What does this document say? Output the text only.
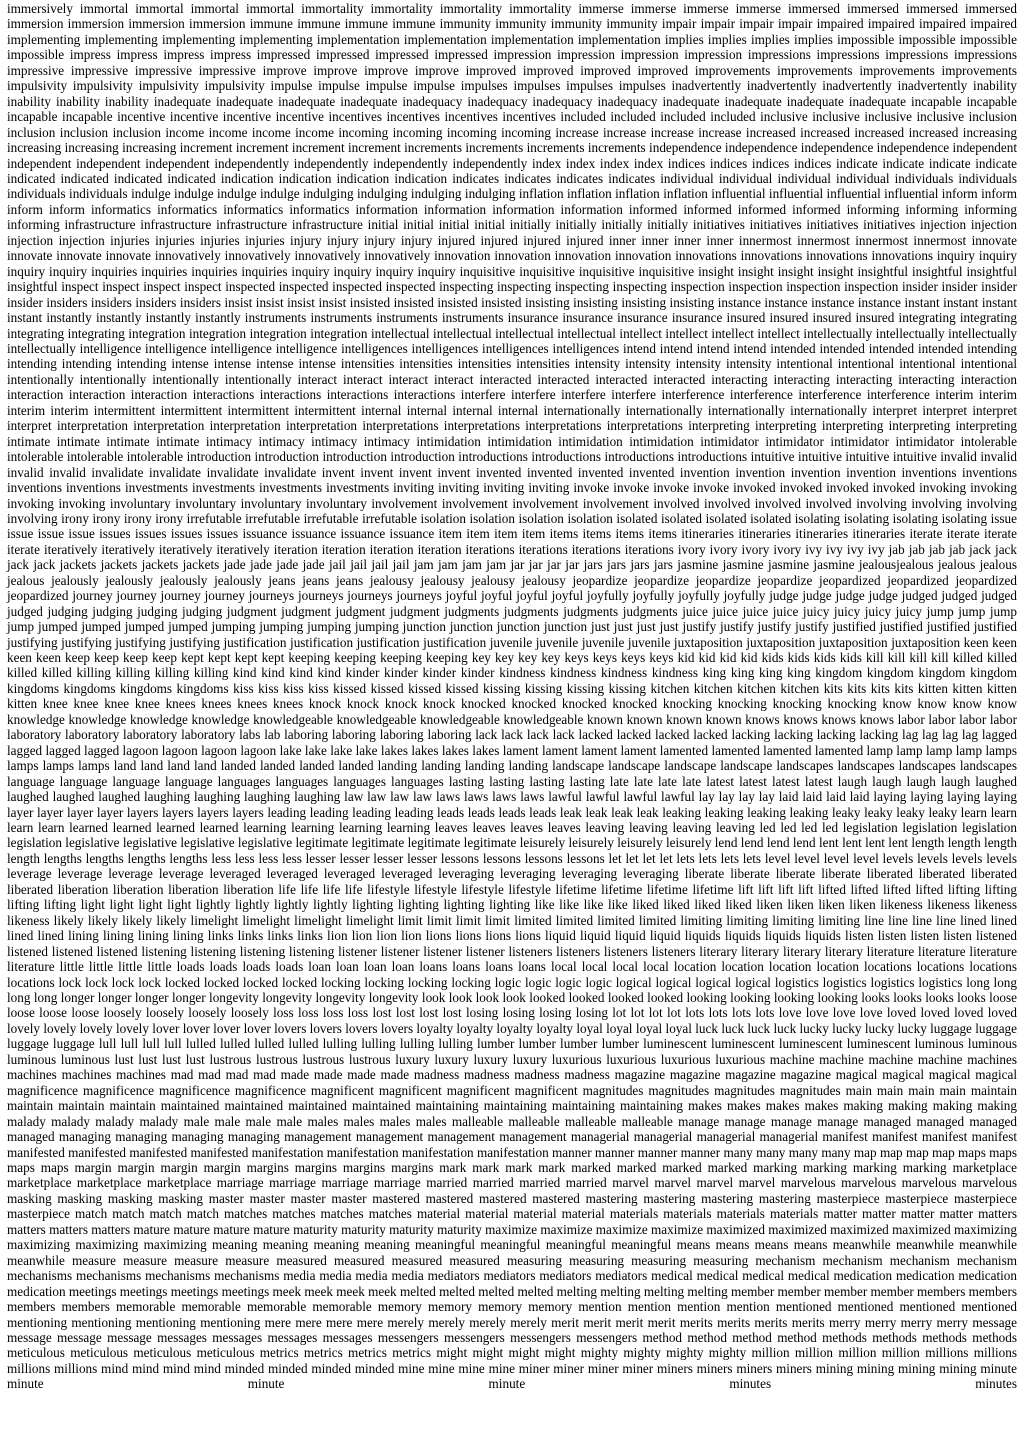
immersively immortal immortal immortal immortal immortality immortality immortality immortality immerse immerse immerse immerse immersed immersed immersed immersed immersion immersion immersion immersion immune immune immune immune immunity immunity immunity immunity impair impair impair impair impaired impaired impaired impaired implementing implementing implementing implementing implementation implementation implementation implementation implies implies implies implies impossible impossible impossible impossible impress impress impress impress impressed impressed impressed impressed impression impression impression impression impressions impressions impressions impressions impressive impressive impressive impressive improve improve improve improve improved improved improved improved improvements improvements improvements improvements impulsivity impulsivity impulsivity impulsivity impulse impulse impulse impulse impulses impulses impulses impulses inadvertently inadvertently inadvertently inadvertently inability inability inability inability inadequate inadequate inadequate inadequate inadequacy inadequacy inadequacy inadequacy inadequate inadequate inadequate inadequate incapable incapable incapable incapable incentive incentive incentive incentive incentives incentives incentives incentives included included included included inclusive inclusive inclusive inclusive inclusion inclusion inclusion inclusion income income income income incoming incoming incoming incoming increase increase increase increase increased increased increased increased increasing increasing increasing increasing increment increment increment increment increments increments increments increments independence independence independence independence independent independent independent independent independently independently independently independently index index index index indices indices indices indices indicate indicate indicate indicate indicated indicated indicated indicated indication indication indication indication indicates indicates indicates indicates individual individual individual individual individuals individuals individuals individuals indulge indulge indulge indulge indulging indulging indulging indulging inflation inflation inflation inflation influential influential influential influential inform inform inform inform informatics informatics informatics informatics information information information information informed informed informed informed informing informing informing informing infrastructure infrastructure infrastructure infrastructure initial initial initial initial initially initially initially initially initiatives initiatives initiatives initiatives injection injection injection injection injuries injuries injuries injuries injury injury injury injury injured injured injured injured inner inner inner inner innermost innermost innermost innermost innovate innovate innovate innovate innovatively innovatively innovatively innovatively innovation innovation innovation innovation innovations innovations innovations innovations inquiry inquiry inquiry inquiry inquiries inquiries inquiries inquiries inquiry inquiry inquiry inquiry inquisitive inquisitive inquisitive inquisitive insight insight insight insight insightful insightful insightful insightful inspect inspect inspect inspect inspected inspected inspected inspected inspecting inspecting inspecting inspecting inspection inspection inspection inspection insider insider insider insider insiders insiders insiders insiders insist insist insist insist insisted insisted insisted insisted insisting insisting insisting insisting instance instance instance instance instant instant instant instant instantly instantly instantly instantly instruments instruments instruments instruments insurance insurance insurance insurance insured insured insured insured integrating integrating integrating integrating integration integration integration integration intellectual intellectual intellectual intellectual intellect intellect intellect intellect intellectually intellectually intellectually intellectually intelligence intelligence intelligence intelligence intelligences intelligences intelligences intelligences intend intend intend intend intended intended intended intended intending intending intending intending intense intense intense intense intensities intensities intensities intensities intensity intensity intensity intensity intentional intentional intentional intentional intentionally intentionally intentionally intentionally interact interact interact interact interacted interacted interacted interacted interacting interacting interacting interacting interaction interaction interaction interaction interactions interactions interactions interactions interfere interfere interfere interfere interference interference interference interference interim interim interim interim intermittent intermittent intermittent intermittent internal internal internal internal internationally internationally internationally internationally interpret interpret interpret interpret interpretation interpretation interpretation interpretation interpretations interpretations interpretations interpretations interpreting interpreting interpreting interpreting interpreting intimate intimate intimate intimate intimacy intimacy intimacy intimacy intimidation intimidation intimidation intimidation intimidator intimidator intimidator intimidator intolerable intolerable intolerable intolerable introduction introduction introduction introduction introductions introductions introductions introductions intuitive intuitive intuitive intuitive invalid invalid invalid invalid invalidate invalidate invalidate invalidate invent invent invent invent invented invented invented invented invention invention invention invention inventions inventions inventions inventions investments investments investments investments inviting inviting inviting inviting invoke invoke invoke invoke invoked invoked invoked invoked invoking invoking invoking invoking involuntary involuntary involuntary involuntary involvement involvement involvement involvement involved involved involved involved involving involving involving involving irony irony irony irony irrefutable irrefutable irrefutable irrefutable isolation isolation isolation isolation isolated isolated isolated isolated isolating isolating isolating isolating issue issue issue issue issues issues issues issues issuance issuance issuance issuance item item item item items items items items itineraries itineraries itineraries itineraries iterate iterate iterate iterate iteratively iteratively iteratively iteratively iteration iteration iteration iteration iterations iterations iterations iterations ivory ivory ivory ivory ivy ivy ivy ivy jab jab jab jab jack jack jack jack jackets jackets jackets jackets jade jade jade jade jail jail jail jail jam jam jam jam jar jar jar jar jars jars jars jars jasmine jasmine jasmine jasmine jealousjealous jealous jealous jealous jealously jealously jealously jealously jeans jeans jeans jealousy jealousy jealousy jealousy jeopardize jeopardize jeopardize jeopardize jeopardized jeopardized jeopardized jeopardized journey journey journey journey journeys journeys journeys journeys joyful joyful joyful joyful joyfully joyfully joyfully joyfully judge judge judge judge judged judged judged judged judging judging judging judging judgment judgment judgment judgment judgments judgments judgments judgments juice juice juice juice juicy juicy juicy juicy jump jump jump jump jumped jumped jumped jumped jumping jumping jumping jumping junction junction junction junction just just just just justify justify justify justify justified justified justified justified justifying justifying justifying justifying justification justification justification justification juvenile juvenile juvenile juvenile juxtaposition juxtaposition juxtaposition juxtaposition keen keen keen keen keep keep keep keep kept kept kept kept keeping keeping keeping keeping key key key key keys keys keys keys kid kid kid kid kids kids kids kids kill kill kill kill killed killed killed killed killing killing killing killing kind kind kind kind kinder kinder kinder kinder kindness kindness kindness kindness king king king king kingdom kingdom kingdom kingdom kingdoms kingdoms kingdoms kingdoms kiss kiss kiss kiss kissed kissed kissed kissed kissing kissing kissing kissing kitchen kitchen kitchen kitchen kits kits kits kits kitten kitten kitten kitten knee knee knee knee knees knees knees knees knock knock knock knock knocked knocked knocked knocked knocking knocking knocking knocking know know know know knowledge knowledge knowledge knowledge knowledgeable knowledgeable knowledgeable knowledgeable known known known known knows knows knows knows labor labor labor labor laboratory laboratory laboratory laboratory labs lab laboring laboring laboring laboring lack lack lack lack lacked lacked lacked lacked lacking lacking lacking lacking lag lag lag lag lagged lagged lagged lagged lagoon lagoon lagoon lagoon lake lake lake lake lakes lakes lakes lakes lament lament lament lament lamented lamented lamented lamented lamp lamp lamp lamp lamps lamps lamps lamps land land land land landed landed landed landed landing landing landing landing landscape landscape landscape landscape landscapes landscapes landscapes landscapes language language language language languages languages languages languages lasting lasting lasting lasting late late late late latest latest latest latest laugh laugh laugh laugh laughed laughed laughed laughed laughing laughing laughing laughing law law law law laws laws laws laws lawful lawful lawful lawful lay lay lay lay laid laid laid laid laying laying laying laying layer layer layer layer layers layers layers layers leading leading leading leading leads leads leads leads leak leak leak leak leaking leaking leaking leaking leaky leaky leaky leaky learn learn learn learn learned learned learned learned learning learning learning learning leaves leaves leaves leaves leaving leaving leaving leaving led led led led legislation legislation legislation legislation legislative legislative legislative legislative legitimate legitimate legitimate legitimate leisurely leisurely leisurely leisurely lend lend lend lend lent lent lent lent length length length length lengths lengths lengths lengths less less less less lesser lesser lesser lesser lessons lessons lessons lessons let let let let lets lets lets lets level level level level levels levels levels levels leverage leverage leverage leverage leveraged leveraged leveraged leveraged leveraging leveraging leveraging leveraging liberate liberate liberate liberate liberated liberated liberated liberated liberation liberation liberation liberation life life life life lifestyle lifestyle lifestyle lifestyle lifetime lifetime lifetime lifetime lift lift lift lift lifted lifted lifted lifted lifting lifting lifting lifting light light light light lightly lightly lightly lightly lighting lighting lighting lighting like like like like liked liked liked liked liken liken liken liken likeness likeness likeness likeness likely likely likely likely limelight limelight limelight limelight limit limit limit limit limited limited limited limited limiting limiting limiting limiting line line line line lined lined lined lined lining lining lining lining links links links links lion lion lion lion lions lions lions lions liquid liquid liquid liquid liquids liquids liquids liquids listen listen listen listen listened listened listened listened listening listening listening listening listener listener listener listener listeners listeners listeners listeners literary literary literary literary literature literature literature literature little little little little loads loads loads loads loan loan loan loan loans loans loans loans local local local local location location location location locations locations locations locations lock lock lock lock locked locked locked locked locking locking locking locking logic logic logic logic logical logical logical logical logistics logistics logistics logistics long long long long longer longer longer longer longevity longevity longevity longevity look look look look looked looked looked looked looking looking looking looking looks looks looks looks loose loose loose loose loosely loosely loosely loosely loss loss loss loss lost lost lost lost losing losing losing losing lot lot lot lot lots lots lots lots love love love love loved loved loved loved lovely lovely lovely lovely lover lover lover lover lovers lovers lovers lovers loyalty loyalty loyalty loyalty loyal loyal loyal loyal luck luck luck luck lucky lucky lucky lucky luggage luggage luggage luggage lull lull lull lull lulled lulled lulled lulled lulling lulling lulling lulling lumber lumber lumber lumber luminescent luminescent luminescent luminescent luminous luminous luminous luminous lust lust lust lust lustrous lustrous lustrous lustrous luxury luxury luxury luxury luxurious luxurious luxurious luxurious machine machine machine machine machines machines machines machines mad mad mad mad made made made made madness madness madness madness magazine magazine magazine magazine magical magical magical magical magnificence magnificence magnificence magnificence magnificent magnificent magnificent magnificent magnitudes magnitudes magnitudes magnitudes main main main main maintain maintain maintain maintain maintained maintained maintained maintained maintaining maintaining maintaining maintaining makes makes makes makes making making making making malady malady malady malady male male male male males males males males malleable malleable malleable malleable manage manage manage manage managed managed managed managed managing managing managing managing management management management management managerial managerial managerial managerial manifest manifest manifest manifest manifested manifested manifested manifested manifestation manifestation manifestation manifestation manner manner manner manner many many many many map map map map maps maps maps maps margin margin margin margin margins margins margins margins mark mark mark mark marked marked marked marked marking marking marking marking marketplace marketplace marketplace marketplace marriage marriage marriage marriage married married married married marvel marvel marvel marvel marvelous marvelous marvelous marvelous masking masking masking masking master master master master mastered mastered mastered mastered mastering mastering mastering mastering masterpiece masterpiece masterpiece masterpiece match match match match matches matches matches matches material material material material materials materials materials materials matter matter matter matter matters matters matters matters mature mature mature mature maturity maturity maturity maturity maximize maximize maximize maximize maximized maximized maximized maximized maximizing maximizing maximizing maximizing meaning meaning meaning meaning meaningful meaningful meaningful meaningful means means means means meanwhile meanwhile meanwhile meanwhile measure measure measure measure measured measured measured measured measuring measuring measuring measuring mechanism mechanism mechanism mechanism mechanisms mechanisms mechanisms mechanisms media media media media mediators mediators mediators mediators medical medical medical medical medication medication medication medication meetings meetings meetings meetings meek meek meek meek melted melted melted melted melting melting melting melting member member member member members members members members memorable memorable memorable memorable memory memory memory memory mention mention mention mention mentioned mentioned mentioned mentioned mentioning mentioning mentioning mentioning mere mere mere mere merely merely merely merely merit merit merit merit merits merits merits merits merry merry merry merry message message message message messages messages messages messages messengers messengers messengers messengers method method method method methods methods methods methods meticulous meticulous meticulous meticulous metrics metrics metrics metrics might might might might mighty mighty mighty mighty million million million million millions millions millions millions mind mind mind mind minded minded minded minded mine mine mine mine miner miner miner miner miners miners miners miners mining mining mining mining minute minute minute minute minutes minutes
